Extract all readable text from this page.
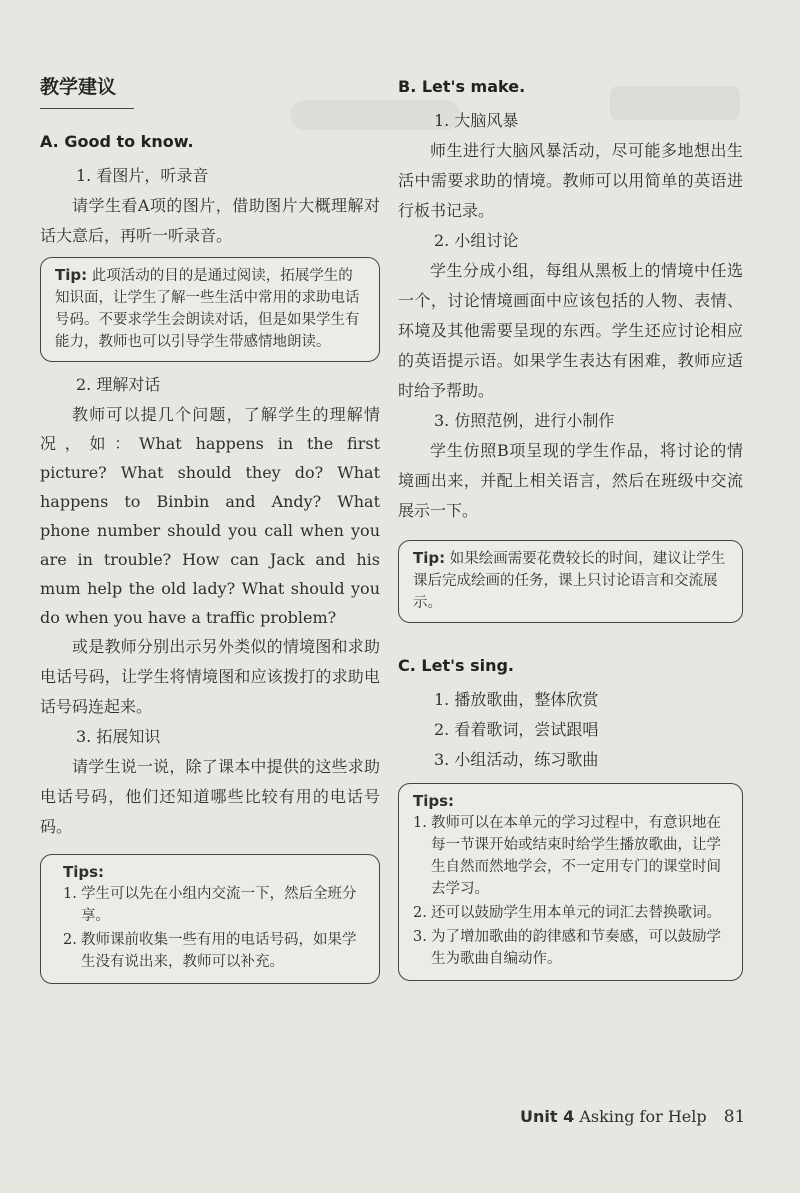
教学建议
A. Good to know.

1. 看图片，听录音

请学生看A项的图片，借助图片大概理解对话大意后，再听一听录音。

Tip: 此项活动的目的是通过阅读，拓展学生的知识面，让学生了解一些生活中常用的求助电话号码。不要求学生会朗读对话，但是如果学生有能力，教师也可以引导学生带感情地朗读。

2. 理解对话

教师可以提几个问题，了解学生的理解情况，如：What happens in the first picture? What should they do? What happens to Binbin and Andy? What phone number should you call when you are in trouble? How can Jack and his mum help the old lady? What should you do when you have a traffic problem?

或是教师分别出示另外类似的情境图和求助电话号码，让学生将情境图和应该拨打的求助电话号码连起来。

3. 拓展知识

请学生说一说，除了课本中提供的这些求助电话号码，他们还知道哪些比较有用的电话号码。

Tips:
1. 学生可以先在小组内交流一下，然后全班分享。
2. 教师课前收集一些有用的电话号码，如果学生没有说出来，教师可以补充。
B. Let's make.

1. 大脑风暴

师生进行大脑风暴活动，尽可能多地想出生活中需要求助的情境。教师可以用简单的英语进行板书记录。

2. 小组讨论

学生分成小组，每组从黑板上的情境中任选一个，讨论情境画面中应该包括的人物、表情、环境及其他需要呈现的东西。学生还应讨论相应的英语提示语。如果学生表达有困难，教师应适时给予帮助。

3. 仿照范例，进行小制作

学生仿照B项呈现的学生作品，将讨论的情境画出来，并配上相关语言，然后在班级中交流展示一下。

Tip: 如果绘画需要花费较长的时间，建议让学生课后完成绘画的任务，课上只讨论语言和交流展示。
C. Let's sing.

1. 播放歌曲，整体欣赏

2. 看着歌词，尝试跟唱

3. 小组活动，练习歌曲

Tips:
1. 教师可以在本单元的学习过程中，有意识地在每一节课开始或结束时给学生播放歌曲，让学生自然而然地学会，不一定用专门的课堂时间去学习。
2. 还可以鼓励学生用本单元的词汇去替换歌词。
3. 为了增加歌曲的韵律感和节奏感，可以鼓励学生为歌曲自编动作。
Unit 4 Asking for Help 81
